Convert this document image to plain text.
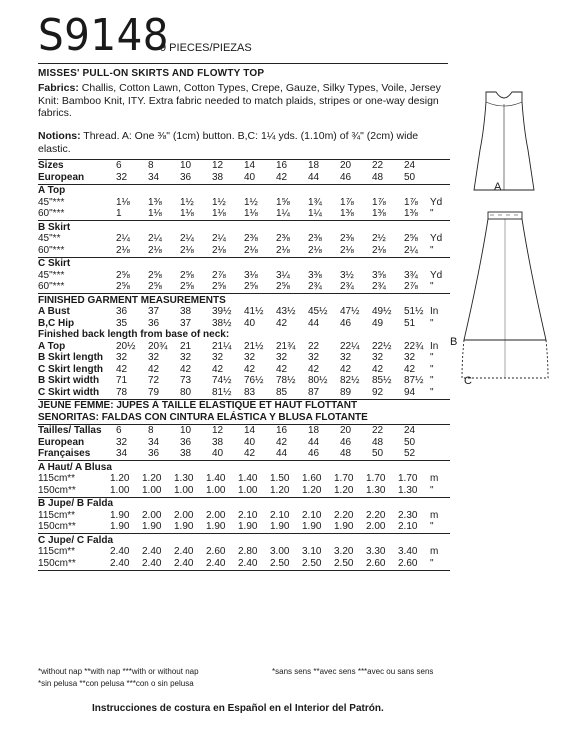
S9148
9 PIECES/PIEZAS
MISSES' PULL-ON SKIRTS AND FLOWTY TOP
Fabrics: Challis, Cotton Lawn, Cotton Types, Crepe, Gauze, Silky Types, Voile, Jersey Knit: Bamboo Knit, ITY. Extra fabric needed to match plaids, stripes or one-way design fabrics.
Notions: Thread. A: One ⅜" (1cm) button. B,C: 1¼ yds. (1.10m) of ¾" (2cm) wide elastic.
Sizes	6	8	10 12 14 16 18 20 22 24
European	32 34 36 38 40 42 44 46 48 50
A Top
45"***	1⅛ 1⅜ 1½ 1½ 1½ 1⅝ 1¾ 1⅞ 1⅞ 1⅞ Yd
60"***	1	1⅛ 1⅛ 1⅛ 1⅛ 1¼ 1¼ 1⅜ 1⅜ 1⅜ "
B Skirt
45"**	2¼ 2¼ 2¼ 2¼ 2⅜ 2⅜ 2⅜ 2⅜ 2½ 2⅝ Yd
60"***	2⅛ 2⅛ 2⅛ 2⅛ 2⅛ 2⅛ 2⅛ 2⅛ 2⅛ 2¼ "
C Skirt
45"***	2⅝ 2⅝ 2⅝ 2⅞ 3⅛ 3¼ 3⅜ 3½ 3⅝ 3¾ Yd
60"***	2⅝ 2⅝ 2⅝ 2⅝ 2⅝ 2⅝ 2¾ 2¾ 2¾ 2⅞ "
FINISHED GARMENT MEASUREMENTS
A Bust	36 37 38 39½ 41½ 43½ 45½ 47½ 49½ 51½ In
B,C Hip	35 36 37 38½ 40 42 44 46 49 51 "
Finished back length from base of neck:
A Top	20½ 20¾ 21 21¼ 21½ 21¾ 22 22¼ 22½ 22¾ In
B Skirt length 32 32 32 32 32 32 32 32 32 32 "
C Skirt length 42 42 42 42 42 42 42 42 42 42 "
B Skirt width 71 72 73 74½ 76½ 78½ 80½ 82½ 85½ 87½ "
C Skirt width 78 79 80 81½ 83 85 87 89 92 94 "
JEUNE FEMME: JUPES À TAILLE ÉLASTIQUE ET HAUT FLOTTANT
SENORITAS: FALDAS CON CINTURA ELÁSTICA Y BLUSA FLOTANTE
Tailles/ Tallas 6	8	10 12 14 16 18 20 22 24
European	32 34 36 38 40 42 44 46 48 50
Françaises	34 36 38 40 42 44 46 48 50 52
A Haut/ A Blusa
115cm**	1.20 1.20 1.30 1.40 1.40 1.50 1.60 1.70 1.70 1.70 m
150cm**	1.00 1.00 1.00 1.00 1.00 1.20 1.20 1.20 1.30 1.30 "
B Jupe/ B Falda
115cm**	1.90 2.00 2.00 2.00 2.10 2.10 2.10 2.20 2.20 2.30 m
150cm**	1.90 1.90 1.90 1.90 1.90 1.90 1.90 1.90 2.00 2.10 "
C Jupe/ C Falda
115cm**	2.40 2.40 2.40 2.60 2.80 3.00 3.10 3.20 3.30 3.40 m
150cm**	2.40 2.40 2.40 2.40 2.40 2.50 2.50 2.50 2.60 2.60 "
*without nap **with nap ***with or without nap
*sin pelusa **con pelusa ***con o sin pelusa
*sans sens **avec sens ***avec ou sans sens
Instrucciones de costura en Español en el Interior del Patrón.
A
B
C
